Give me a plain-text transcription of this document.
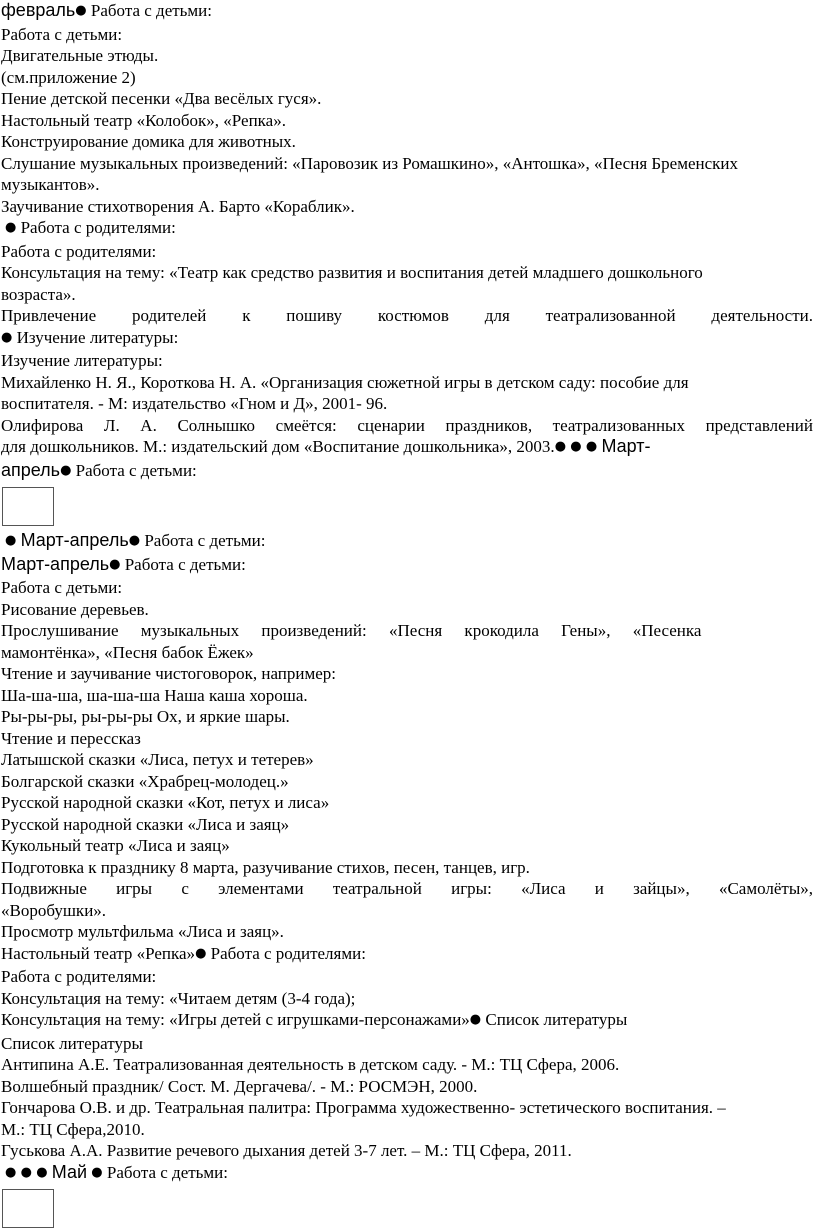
февраль● Работа с детьми:
Работа с детьми:
Двигательные этюды.
(см.приложение 2)
Пение детской песенки «Два весёлых гуся».
Настольный театр «Колобок», «Репка».
Конструирование домика для животных.
Слушание музыкальных произведений: «Паровозик из Ромашкино», «Антошка», «Песня Бременских
музыкантов».
Заучивание стихотворения А. Барто «Кораблик».
● Работа с родителями:
Работа с родителями:
Консультация на тему: «Театр как средство развития и воспитания детей младшего дошкольного
возраста».
Привлечение родителей к пошиву костюмов для театрализованной деятельности.
● Изучение литературы:
Изучение литературы:
Михайленко Н. Я., Короткова Н. А. «Организация сюжетной игры в детском саду: пособие для
воспитателя. - М: издательство «Гном и Д», 2001- 96.
Олифирова Л. А. Солнышко смеётся: сценарии праздников, театрализованных представлений
для дошкольников. М.: издательский дом «Воспитание дошкольника», 2003.● ● ● Март-
апрель● Работа с детьми:
● Март-апрель● Работа с детьми:
Март-апрель● Работа с детьми:
Работа с детьми:
Рисование деревьев.
Прослушивание музыкальных произведений: «Песня крокодила Гены», «Песенка
мамонтёнка», «Песня бабок Ёжек»
Чтение и заучивание чистоговорок, например:
Ша-ша-ша, ша-ша-ша Наша каша хороша.
Ры-ры-ры, ры-ры-ры Ох, и яркие шары.
Чтение и перессказ
Латышской сказки «Лиса, петух и тетерев»
Болгарской сказки «Храбрец-молодец.»
Русской народной сказки «Кот, петух и лиса»
Русской народной сказки «Лиса и заяц»
Кукольный театр «Лиса и заяц»
Подготовка к празднику 8 марта, разучивание стихов, песен, танцев, игр.
Подвижные игры с элементами театральной игры: «Лиса и зайцы», «Самолёты»,
«Воробушки».
Просмотр мультфильма «Лиса и заяц».
Настольный театр «Репка»● Работа с родителями:
Работа с родителями:
Консультация на тему: «Читаем детям (3-4 года);
Консультация на тему: «Игры детей с игрушками-персонажами»● Список литературы
Список литературы
Антипина А.Е. Театрализованная деятельность в детском саду. - М.: ТЦ Сфера, 2006.
Волшебный праздник/ Сост. М. Дергачева/. - М.: РОСМЭН, 2000.
Гончарова О.В. и др. Театральная палитра: Программа художественно- эстетического воспитания. –
М.: ТЦ Сфера,2010.
Гуськова А.А. Развитие речевого дыхания детей 3-7 лет. – М.: ТЦ Сфера, 2011.
● ● ● Май ● Работа с детьми:
